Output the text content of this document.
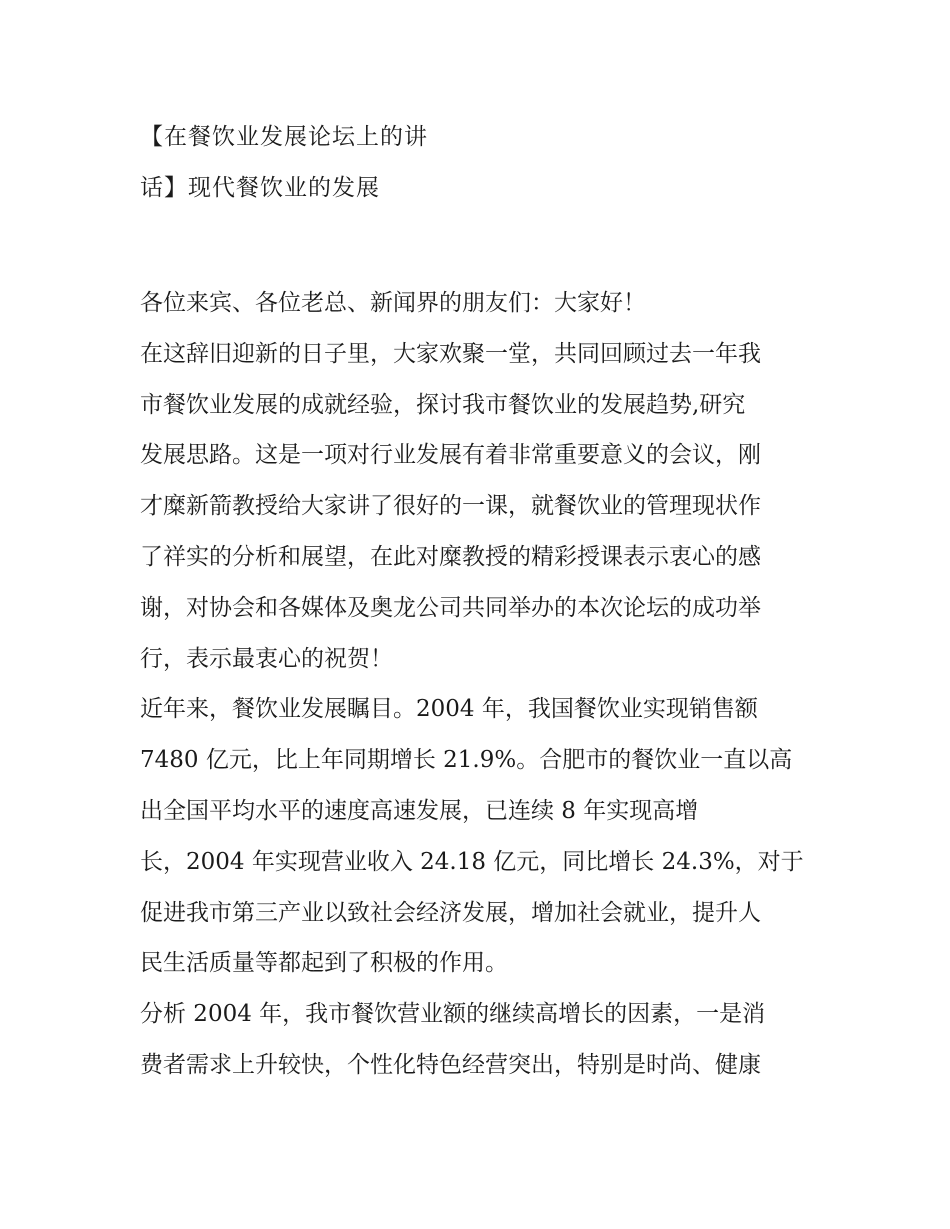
【在餐饮业发展论坛上的讲
话】现代餐饮业的发展
各位来宾、各位老总、新闻界的朋友们：大家好！
在这辞旧迎新的日子里，大家欢聚一堂，共同回顾过去一年我
市餐饮业发展的成就经验，探讨我市餐饮业的发展趋势,研究
发展思路。这是一项对行业发展有着非常重要意义的会议，刚
才糜新箭教授给大家讲了很好的一课，就餐饮业的管理现状作
了祥实的分析和展望，在此对糜教授的精彩授课表示衷心的感
谢，对协会和各媒体及奥龙公司共同举办的本次论坛的成功举
行，表示最衷心的祝贺！
近年来，餐饮业发展瞩目。2004 年，我国餐饮业实现销售额
7480 亿元，比上年同期增长 21.9%。合肥市的餐饮业一直以高
出全国平均水平的速度高速发展，已连续 8 年实现高增
长，2004 年实现营业收入 24.18 亿元，同比增长 24.3%，对于
促进我市第三产业以致社会经济发展，增加社会就业，提升人
民生活质量等都起到了积极的作用。
分析 2004 年，我市餐饮营业额的继续高增长的因素，一是消
费者需求上升较快，个性化特色经营突出，特别是时尚、健康
